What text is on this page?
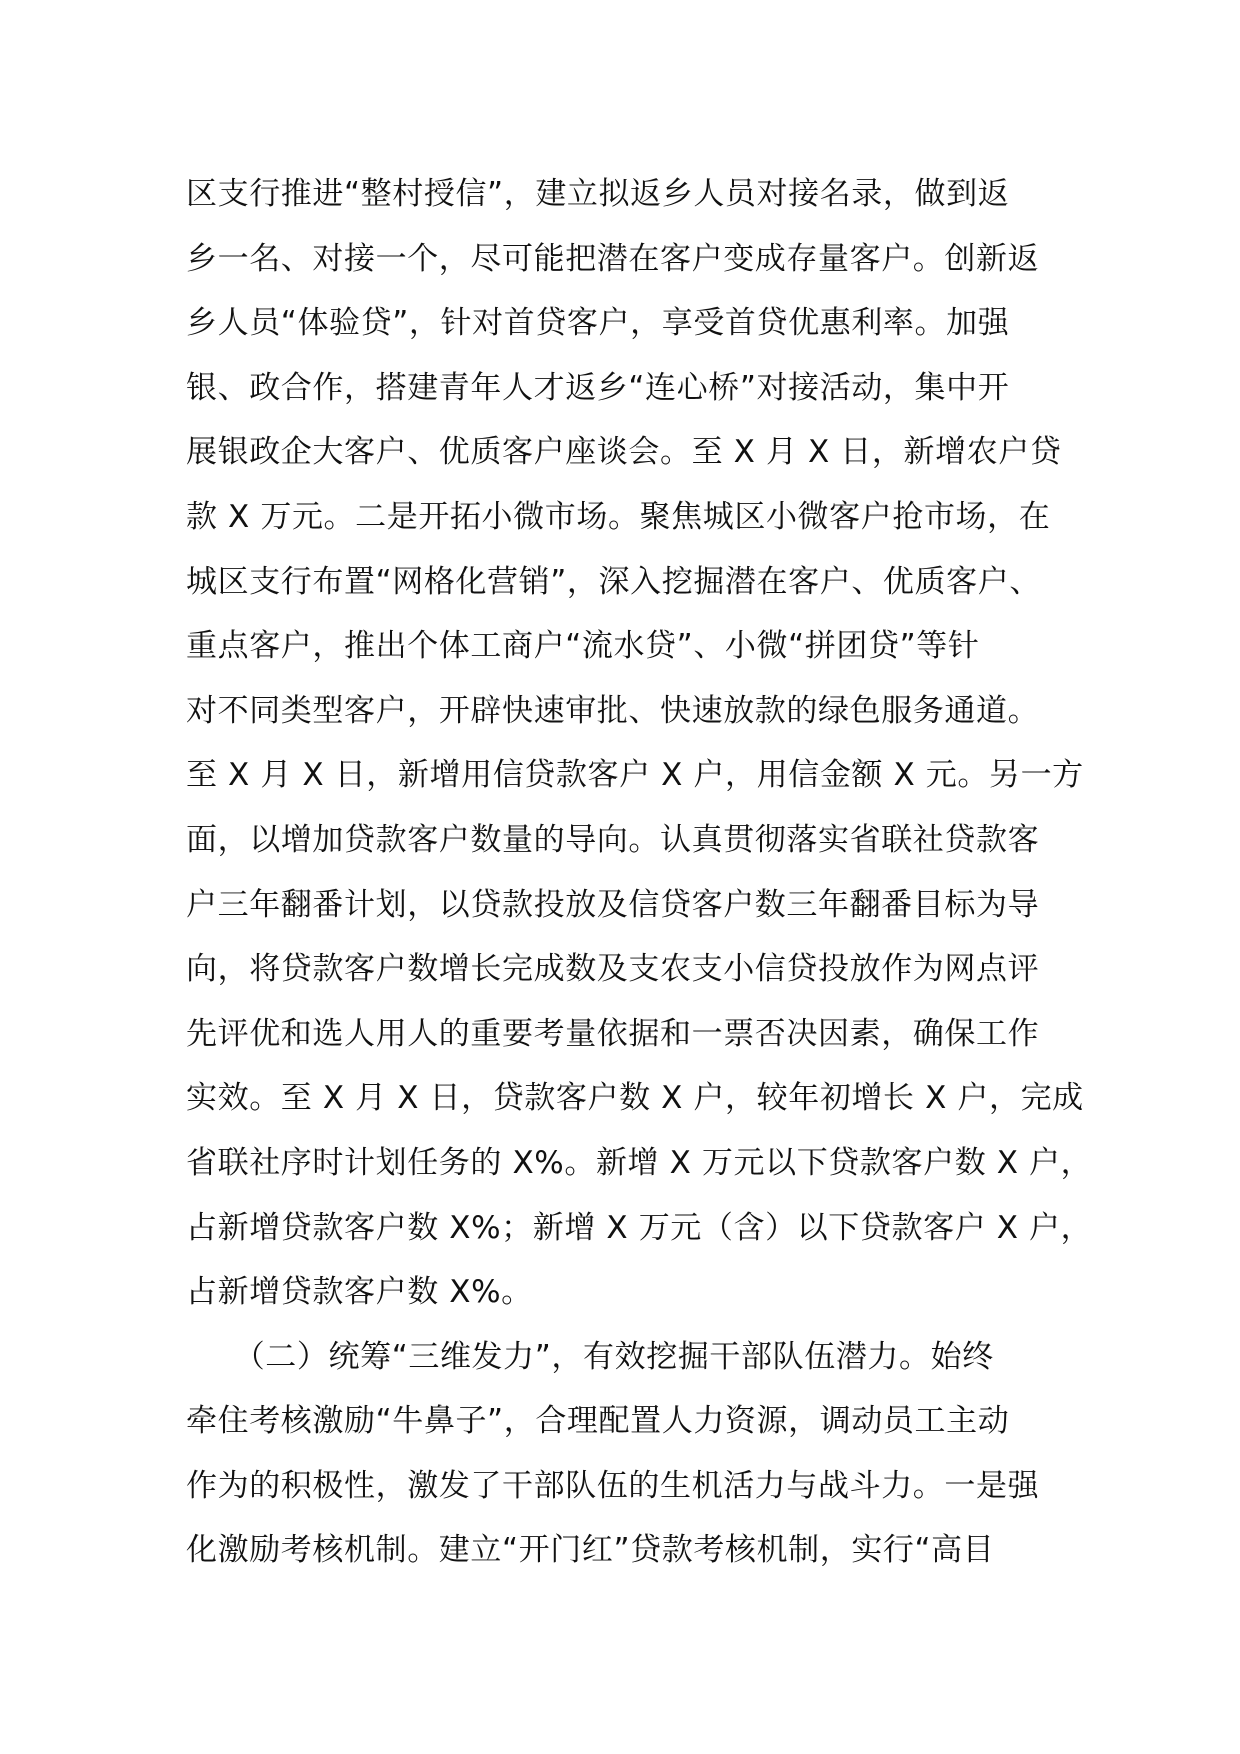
区支行推进“整村授信”，建立拟返乡人员对接名录，做到返
乡一名、对接一个，尽可能把潜在客户变成存量客户。创新返
乡人员“体验贷”，针对首贷客户，享受首贷优惠利率。加强
银、政合作，搭建青年人才返乡“连心桥”对接活动，集中开
展银政企大客户、优质客户座谈会。至 X 月 X 日，新增农户贷
款 X 万元。二是开拓小微市场。聚焦城区小微客户抢市场，在
城区支行布置“网格化营销”，深入挖掘潜在客户、优质客户、
重点客户，推出个体工商户“流水贷”、小微“拼团贷”等针
对不同类型客户，开辟快速审批、快速放款的绿色服务通道。
至 X 月 X 日，新增用信贷款客户 X 户，用信金额 X 元。另一方
面，以增加贷款客户数量的导向。认真贯彻落实省联社贷款客
户三年翻番计划，以贷款投放及信贷客户数三年翻番目标为导
向，将贷款客户数增长完成数及支农支小信贷投放作为网点评
先评优和选人用人的重要考量依据和一票否决因素，确保工作
实效。至 X 月 X 日，贷款客户数 X 户，较年初增长 X 户，完成
省联社序时计划任务的 X%。新增 X 万元以下贷款客户数 X 户，
占新增贷款客户数 X%；新增 X 万元（含）以下贷款客户 X 户，
占新增贷款客户数 X%。
　　（二）统筹“三维发力”，有效挖掘干部队伍潜力。始终
牵住考核激励“牛鼻子”，合理配置人力资源，调动员工主动
作为的积极性，激发了干部队伍的生机活力与战斗力。一是强
化激励考核机制。建立“开门红”贷款考核机制，实行“高目
